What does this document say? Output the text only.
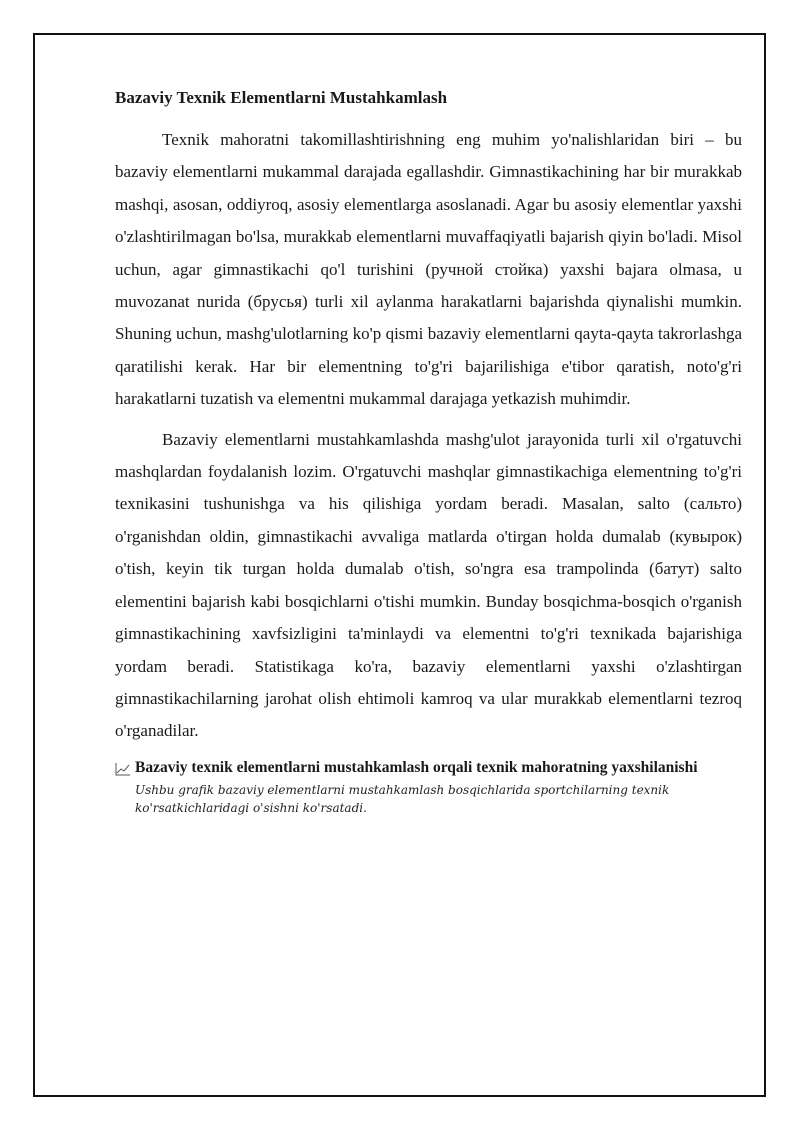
Bazaviy Texnik Elementlarni Mustahkamlash

Texnik mahoratni takomillashtirishning eng muhim yo'nalishlaridan biri – bu bazaviy elementlarni mukammal darajada egallashdir. Gimnastikachining har bir murakkab mashqi, asosan, oddiyroq, asosiy elementlarga asoslanadi. Agar bu asosiy elementlar yaxshi o'zlashtirilmagan bo'lsa, murakkab elementlarni muvaffaqiyatli bajarish qiyin bo'ladi. Misol uchun, agar gimnastikachi qo'l turishini (ручной стойка) yaxshi bajara olmasa, u muvozanat nurida (брусья) turli xil aylanma harakatlarni bajarishda qiynalishi mumkin. Shuning uchun, mashg'ulotlarning ko'p qismi bazaviy elementlarni qayta-qayta takrorlashga qaratilishi kerak. Har bir elementning to'g'ri bajarilishiga e'tibor qaratish, noto'g'ri harakatlarni tuzatish va elementni mukammal darajaga yetkazish muhimdir.

Bazaviy elementlarni mustahkamlashda mashg'ulot jarayonida turli xil o'rgatuvchi mashqlardan foydalanish lozim. O'rgatuvchi mashqlar gimnastikachiga elementning to'g'ri texnikasini tushunishga va his qilishiga yordam beradi. Masalan, salto (сальто) o'rganishdan oldin, gimnastikachi avvaliga matlarda o'tirgan holda dumalab (кувырок) o'tish, keyin tik turgan holda dumalab o'tish, so'ngra esa trampolinda (батут) salto elementini bajarish kabi bosqichlarni o'tishi mumkin. Bunday bosqichma-bosqich o'rganish gimnastikachining xavfsizligini ta'minlaydi va elementni to'g'ri texnikada bajarishiga yordam beradi. Statistikaga ko'ra, bazaviy elementlarni yaxshi o'zlashtirgan gimnastikachilarning jarohat olish ehtimoli kamroq va ular murakkab elementlarni tezroq o'rganadilar.

Bazaviy texnik elementlarni mustahkamlash orqali texnik mahoratning yaxshilanishi
Ushbu grafik bazaviy elementlarni mustahkamlash bosqichlarida sportchilarning texnik ko'rsatkichlaridagi o'sishni ko'rsatadi.
